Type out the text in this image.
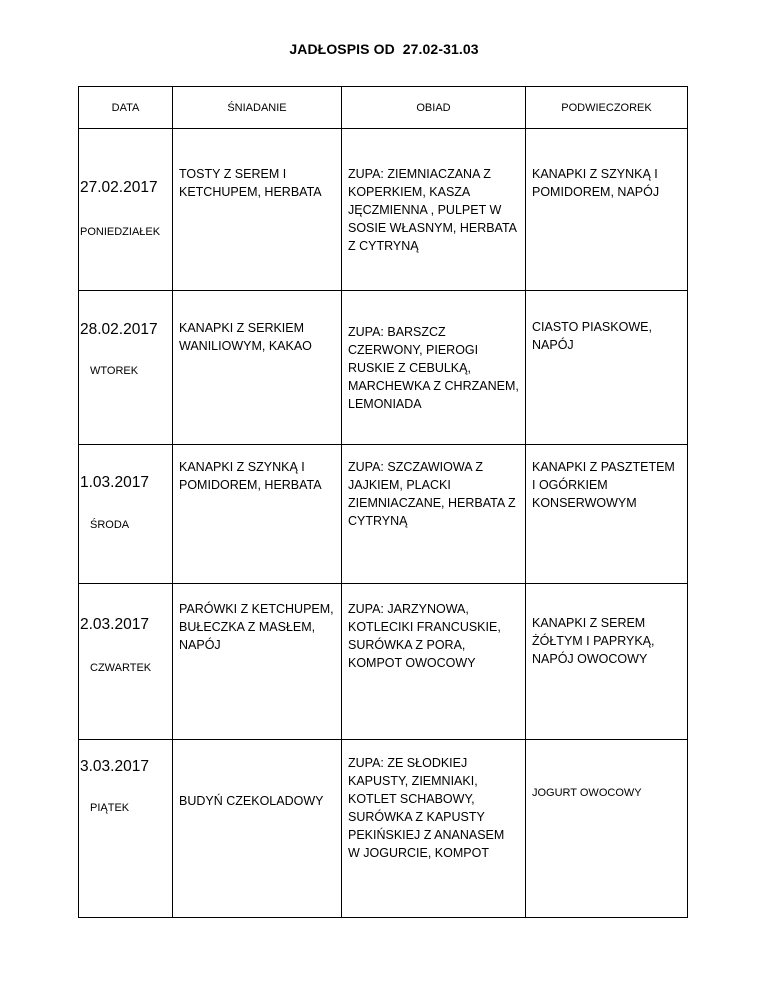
JADŁOSPIS OD  27.02-31.03
DATA	ŚNIADANIE	OBIAD	PODWIECZOREK

27.02.2017
PONIEDZIAŁEK	TOSTY Z SEREM I KETCHUPEM, HERBATA	ZUPA: ZIEMNIACZANA Z KOPERKIEM, KASZA JĘCZMIENNA , PULPET W SOSIE WŁASNYM, HERBATA Z CYTRYNĄ	KANAPKI Z SZYNKĄ I POMIDOREM, NAPÓJ

28.02.2017
WTOREK	KANAPKI Z SERKIEM WANILIOWYM, KAKAO	ZUPA: BARSZCZ CZERWONY, PIEROGI RUSKIE Z CEBULKĄ, MARCHEWKA Z CHRZANEM, LEMONIADA	CIASTO PIASKOWE, NAPÓJ

1.03.2017
ŚRODA	KANAPKI Z SZYNKĄ I POMIDOREM, HERBATA	ZUPA: SZCZAWIOWA Z JAJKIEM, PLACKI ZIEMNIACZANE, HERBATA Z CYTRYNĄ	KANAPKI Z PASZTETEM I OGÓRKIEM KONSERWOWYM

2.03.2017
CZWARTEK	PARÓWKI Z KETCHUPEM, BUŁECZKA Z MASŁEM, NAPÓJ	ZUPA: JARZYNOWA, KOTLECIKI FRANCUSKIE, SURÓWKA Z PORA, KOMPOT OWOCOWY	KANAPKI Z SEREM ŻÓŁTYM I PAPRYKĄ, NAPÓJ OWOCOWY

3.03.2017
PIĄTEK	BUDYŃ CZEKOLADOWY	ZUPA: ZE SŁODKIEJ KAPUSTY, ZIEMNIAKI, KOTLET SCHABOWY, SURÓWKA Z KAPUSTY PEKIŃSKIEJ Z ANANASEM W JOGURCIE, KOMPOT	JOGURT OWOCOWY
